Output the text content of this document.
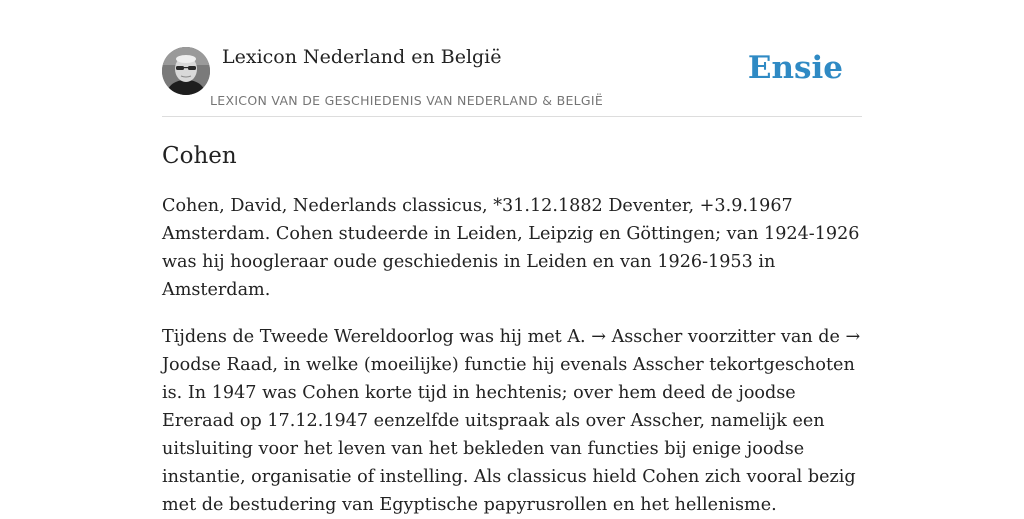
Lexicon Nederland en België
LEXICON VAN DE GESCHIEDENIS VAN NEDERLAND & BELGIË
Ensie
Cohen

Cohen, David, Nederlands classicus, *31.12.1882 Deventer, +3.9.1967 Amsterdam. Cohen studeerde in Leiden, Leipzig en Göttingen; van 1924-1926 was hij hoogleraar oude geschiedenis in Leiden en van 1926-1953 in Amsterdam.

Tijdens de Tweede Wereldoorlog was hij met A. → Asscher voorzitter van de → Joodse Raad, in welke (moeilijke) functie hij evenals Asscher tekortgeschoten is. In 1947 was Cohen korte tijd in hechtenis; over hem deed de joodse Ereraad op 17.12.1947 eenzelfde uitspraak als over Asscher, namelijk een uitsluiting voor het leven van het bekleden van functies bij enige joodse instantie, organisatie of instelling. Als classicus hield Cohen zich vooral bezig met de bestudering van Egyptische papyrusrollen en het hellenisme.
